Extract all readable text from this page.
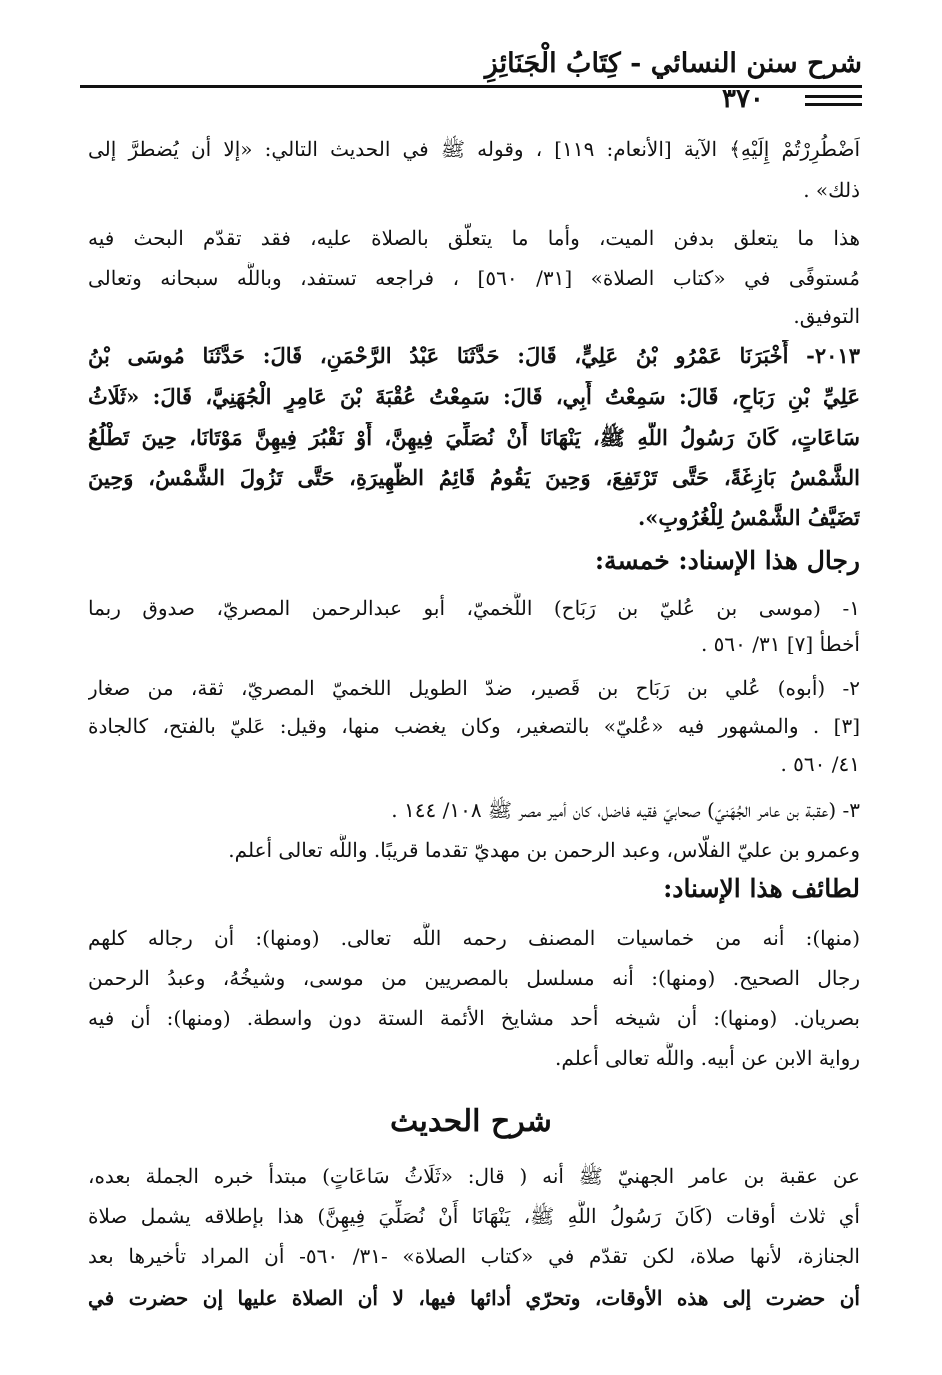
شرح سنن النسائي - كِتَابُ الْجَنَائِزِ
٣٧٠
اَضْطُرِرْتُمْ إِلَيْهِ﴾ الآية [الأنعام: ١١٩] ، وقوله ﷺ في الحديث التالي: «إلا أن يُضطرَّ إلى
ذلك» .
هذا ما يتعلق بدفن الميت، وأما ما يتعلّق بالصلاة عليه، فقد تقدّم البحث فيه
مُستوفًى في «كتاب الصلاة» [٣١/ ٥٦٠] ، فراجعه تستفد، وباللَّه سبحانه وتعالى
التوفيق.
٢٠١٣- أَخْبَرَنَا عَمْرُو بْنُ عَلِيٍّ، قَالَ: حَدَّثَنَا عَبْدُ الرَّحْمَنِ، قَالَ: حَدَّثَنَا مُوسَى بْنُ
عَلِيِّ بْنِ رَبَاحٍ، قَالَ: سَمِعْتُ أَبِي، قَالَ: سَمِعْتُ عُقْبَةَ بْنَ عَامِرٍ الْجُهَنِيَّ، قَالَ: «ثَلَاثُ
سَاعَاتٍ، كَانَ رَسُولُ اللَّهِ ﷺ، يَنْهَانَا أَنْ نُصَلِّيَ فِيهِنَّ، أَوْ نَقْبُرَ فِيهِنَّ مَوْتَانَا، حِينَ تَطْلُعُ
الشَّمْسُ بَازِغَةً، حَتَّى تَرْتَفِعَ، وَحِينَ يَقُومُ قَائِمُ الظَّهِيرَةِ، حَتَّى تَزُولَ الشَّمْسُ، وَحِينَ
تَضَيَّفُ الشَّمْسُ لِلْغُرُوبِ».
رجال هذا الإسناد: خمسة:
١- (موسى بن عُليّ بن رَبَاح) اللَّخميّ، أبو عبدالرحمن المصريّ، صدوق ربما
أخطأ [٧] ٣١/ ٥٦٠ .
٢- (أبوه) عُلي بن رَبَاح بن قَصير، ضدّ الطويل اللخميّ المصريّ، ثقة، من صغار
[٣] . والمشهور فيه «عُليّ» بالتصغير، وكان يغضب منها، وقيل: عَليّ بالفتح، كالجادة
٤١/ ٥٦٠ .
٣- (عقبة بن عامر الجُهَنيّ) صحابيّ فقيه فاضل، كان أمير مصر ﷺ ١٠٨/ ١٤٤ .
وعمرو بن عليّ الفلّاس، وعبد الرحمن بن مهديّ تقدما قريبًا. واللَّه تعالى أعلم.
لطائف هذا الإسناد:
(منها): أنه من خماسيات المصنف رحمه اللَّه تعالى. (ومنها): أن رجاله كلهم
رجال الصحيح. (ومنها): أنه مسلسل بالمصريين من موسى، وشيخُهُ، وعبدُ الرحمن
بصريان. (ومنها): أن شيخه أحد مشايخ الأئمة الستة دون واسطة. (ومنها): أن فيه
رواية الابن عن أبيه. واللَّه تعالى أعلم.
شرح الحديث
عن عقبة بن عامر الجهنيّ ﷺ أنه ( قال: «ثَلَاثُ سَاعَاتٍ) مبتدأ خبره الجملة بعده،
أي ثلاث أوقات (كَانَ رَسُولُ اللَّهِ ﷺ، يَنْهَانَا أَنْ نُصَلِّيَ فِيهِنَّ) هذا بإطلاقه يشمل صلاة
الجنازة، لأنها صلاة، لكن تقدّم في «كتاب الصلاة» -٣١/ ٥٦٠- أن المراد تأخيرها بعد
أن حضرت إلى هذه الأوقات، وتحرّي أدائها فيها، لا أن الصلاة عليها إن حضرت في
